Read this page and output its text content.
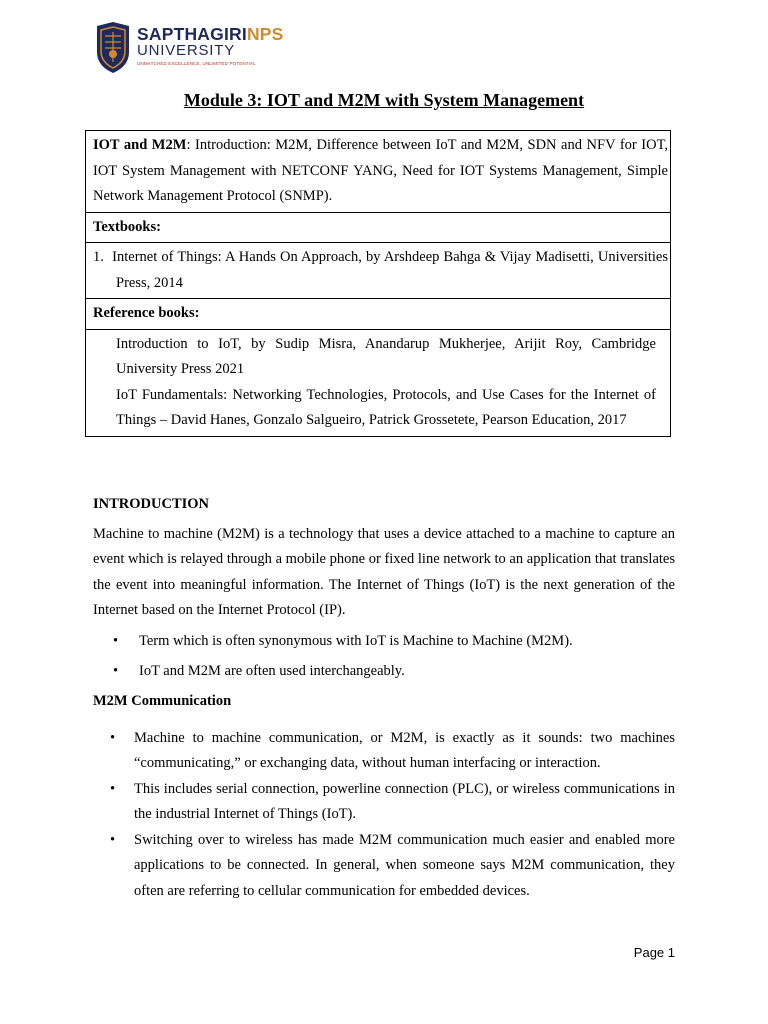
SAPTHAGIRINPS
UNIVERSITY
UNMATCHED EXCELLENCE, UNLIMITED POTENTIAL
Module 3: IOT and M2M with System Management
IOT and M2M: Introduction: M2M, Difference between IoT and M2M, SDN and NFV for IOT, IOT System Management with NETCONF YANG, Need for IOT Systems Management, Simple Network Management Protocol (SNMP).
Textbooks:
1.  Internet of Things: A Hands On Approach, by Arshdeep Bahga & Vijay Madisetti, Universities Press, 2014
Reference books:
Introduction to IoT, by Sudip Misra, Anandarup Mukherjee, Arijit Roy, Cambridge University Press 2021
IoT Fundamentals: Networking Technologies, Protocols, and Use Cases for the Internet of Things – David Hanes, Gonzalo Salgueiro, Patrick Grossetete, Pearson Education, 2017
INTRODUCTION
Machine to machine (M2M) is a technology that uses a device attached to a machine to capture an event which is relayed through a mobile phone or fixed line network to an application that translates the event into meaningful information. The Internet of Things (IoT) is the next generation of the Internet based on the Internet Protocol (IP).
• Term which is often synonymous with IoT is Machine to Machine (M2M).
• IoT and M2M are often used interchangeably.
M2M Communication
• Machine to machine communication, or M2M, is exactly as it sounds: two machines “communicating,” or exchanging data, without human interfacing or interaction.
• This includes serial connection, powerline connection (PLC), or wireless communications in the industrial Internet of Things (IoT).
• Switching over to wireless has made M2M communication much easier and enabled more applications to be connected. In general, when someone says M2M communication, they often are referring to cellular communication for embedded devices.
Page 1
